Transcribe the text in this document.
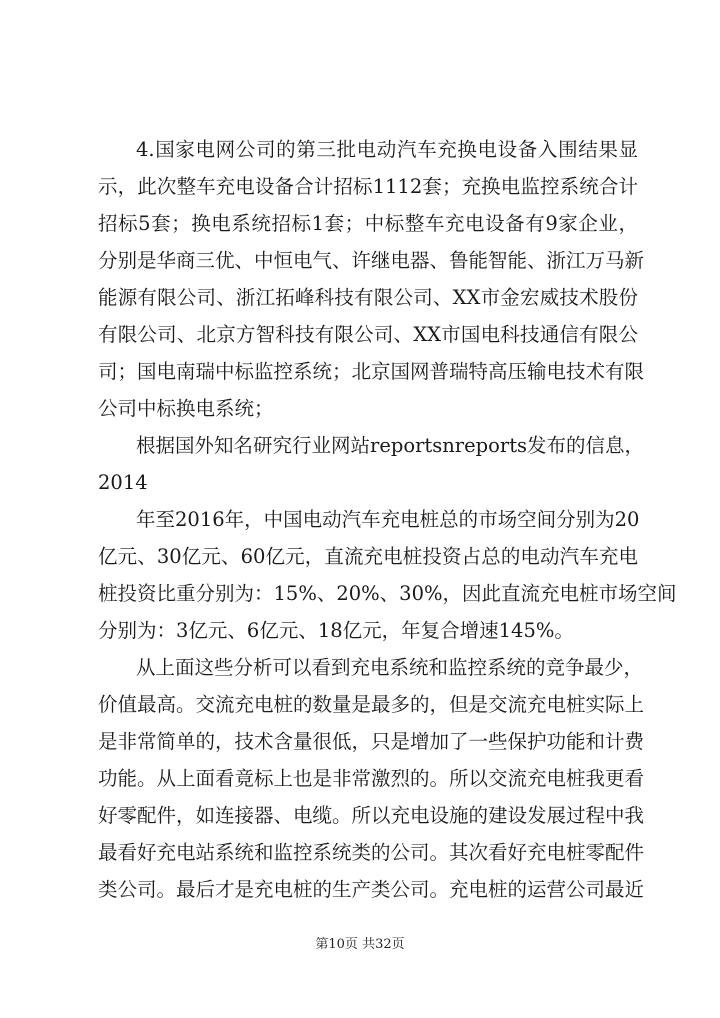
4.国家电网公司的第三批电动汽车充换电设备入围结果显
示，此次整车充电设备合计招标1112套；充换电监控系统合计
招标5套；换电系统招标1套；中标整车充电设备有9家企业，
分别是华商三优、中恒电气、许继电器、鲁能智能、浙江万马新
能源有限公司、浙江拓峰科技有限公司、XX市金宏威技术股份
有限公司、北京方智科技有限公司、XX市国电科技通信有限公
司；国电南瑞中标监控系统；北京国网普瑞特高压输电技术有限
公司中标换电系统；
根据国外知名研究行业网站reportsnreports发布的信息，
2014
年至2016年，中国电动汽车充电桩总的市场空间分别为20
亿元、30亿元、60亿元，直流充电桩投资占总的电动汽车充电
桩投资比重分别为：15%、20%、30%，因此直流充电桩市场空间
分别为：3亿元、6亿元、18亿元，年复合增速145%。
从上面这些分析可以看到充电系统和监控系统的竞争最少，
价值最高。交流充电桩的数量是最多的，但是交流充电桩实际上
是非常简单的，技术含量很低，只是增加了一些保护功能和计费
功能。从上面看竟标上也是非常激烈的。所以交流充电桩我更看
好零配件，如连接器、电缆。所以充电设施的建设发展过程中我
最看好充电站系统和监控系统类的公司。其次看好充电桩零配件
类公司。最后才是充电桩的生产类公司。充电桩的运营公司最近
第10页 共32页
